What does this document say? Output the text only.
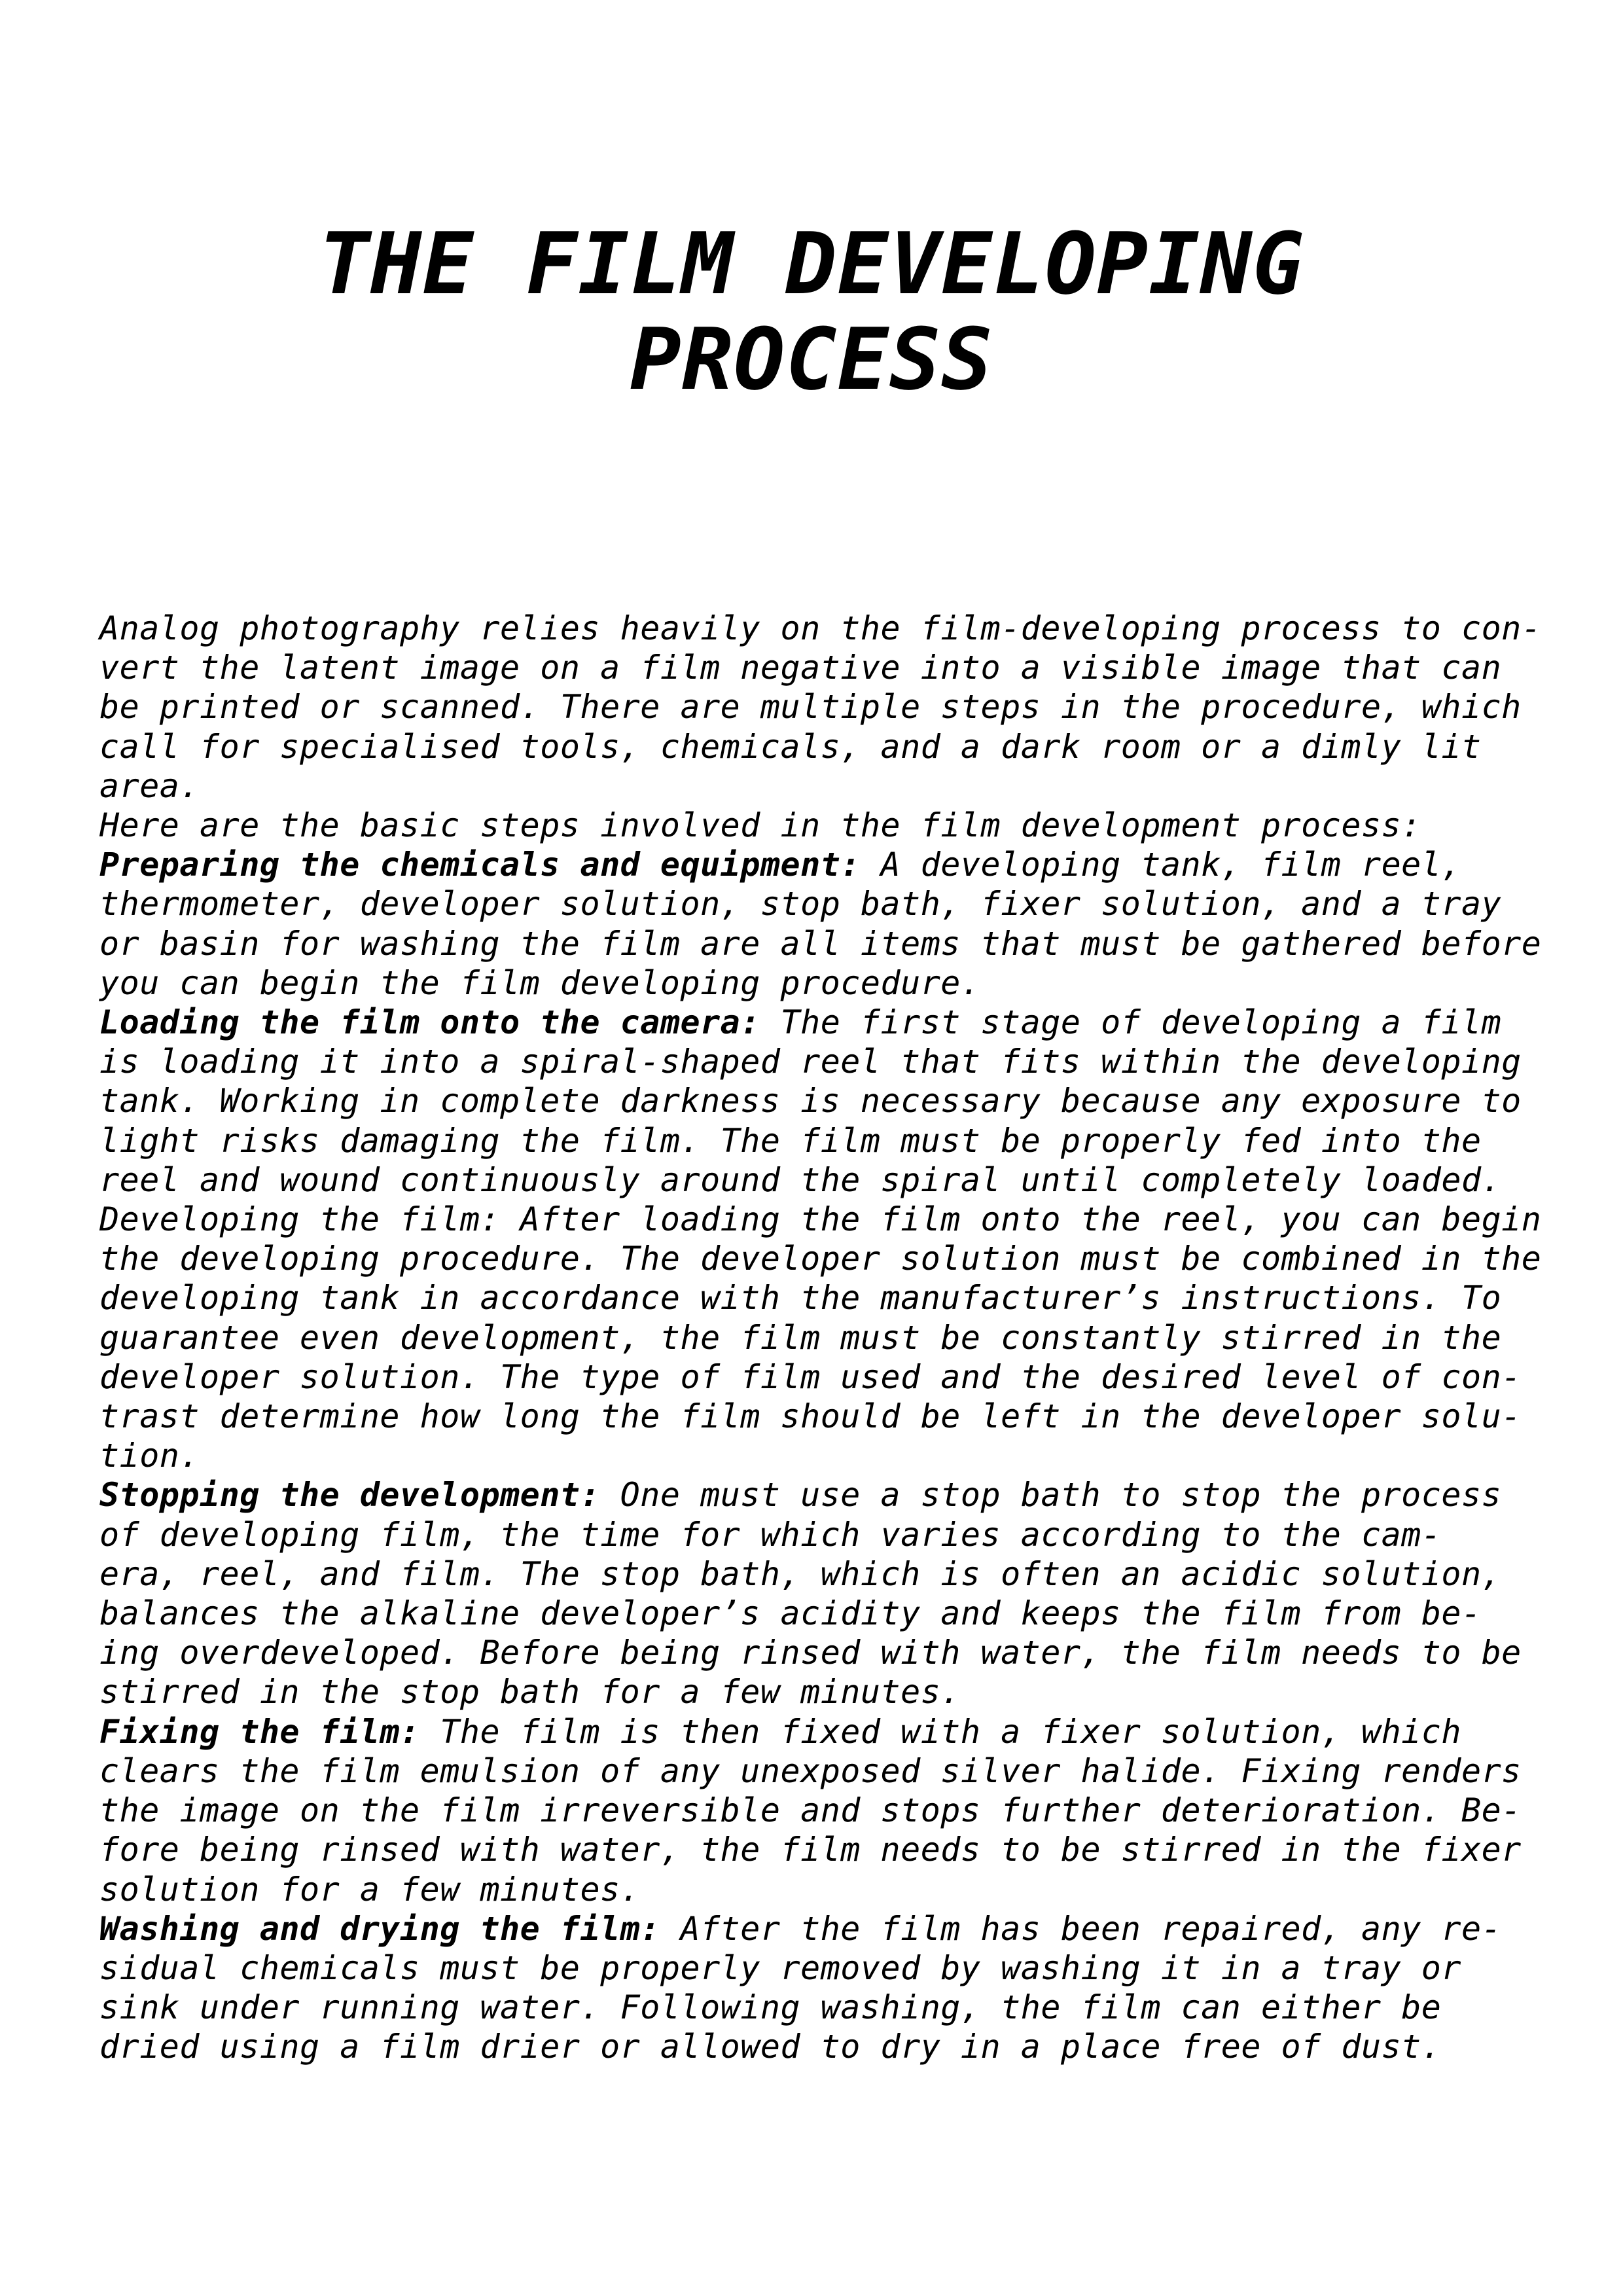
THE FILM DEVELOPING
PROCESS
Analog photography relies heavily on the film-developing process to con-
vert the latent image on a film negative into a visible image that can
be printed or scanned. There are multiple steps in the procedure, which
call for specialised tools, chemicals, and a dark room or a dimly lit
area.
Here are the basic steps involved in the film development process:
Preparing the chemicals and equipment: A developing tank, film reel,
thermometer, developer solution, stop bath, fixer solution, and a tray
or basin for washing the film are all items that must be gathered before
you can begin the film developing procedure.
Loading the film onto the camera: The first stage of developing a film
is loading it into a spiral-shaped reel that fits within the developing
tank. Working in complete darkness is necessary because any exposure to
light risks damaging the film. The film must be properly fed into the
reel and wound continuously around the spiral until completely loaded.
Developing the film: After loading the film onto the reel, you can begin
the developing procedure. The developer solution must be combined in the
developing tank in accordance with the manufacturer’s instructions. To
guarantee even development, the film must be constantly stirred in the
developer solution. The type of film used and the desired level of con-
trast determine how long the film should be left in the developer solu-
tion.
Stopping the development: One must use a stop bath to stop the process
of developing film, the time for which varies according to the cam-
era, reel, and film. The stop bath, which is often an acidic solution,
balances the alkaline developer’s acidity and keeps the film from be-
ing overdeveloped. Before being rinsed with water, the film needs to be
stirred in the stop bath for a few minutes.
Fixing the film: The film is then fixed with a fixer solution, which
clears the film emulsion of any unexposed silver halide. Fixing renders
the image on the film irreversible and stops further deterioration. Be-
fore being rinsed with water, the film needs to be stirred in the fixer
solution for a few minutes.
Washing and drying the film: After the film has been repaired, any re-
sidual chemicals must be properly removed by washing it in a tray or
sink under running water. Following washing, the film can either be
dried using a film drier or allowed to dry in a place free of dust.
